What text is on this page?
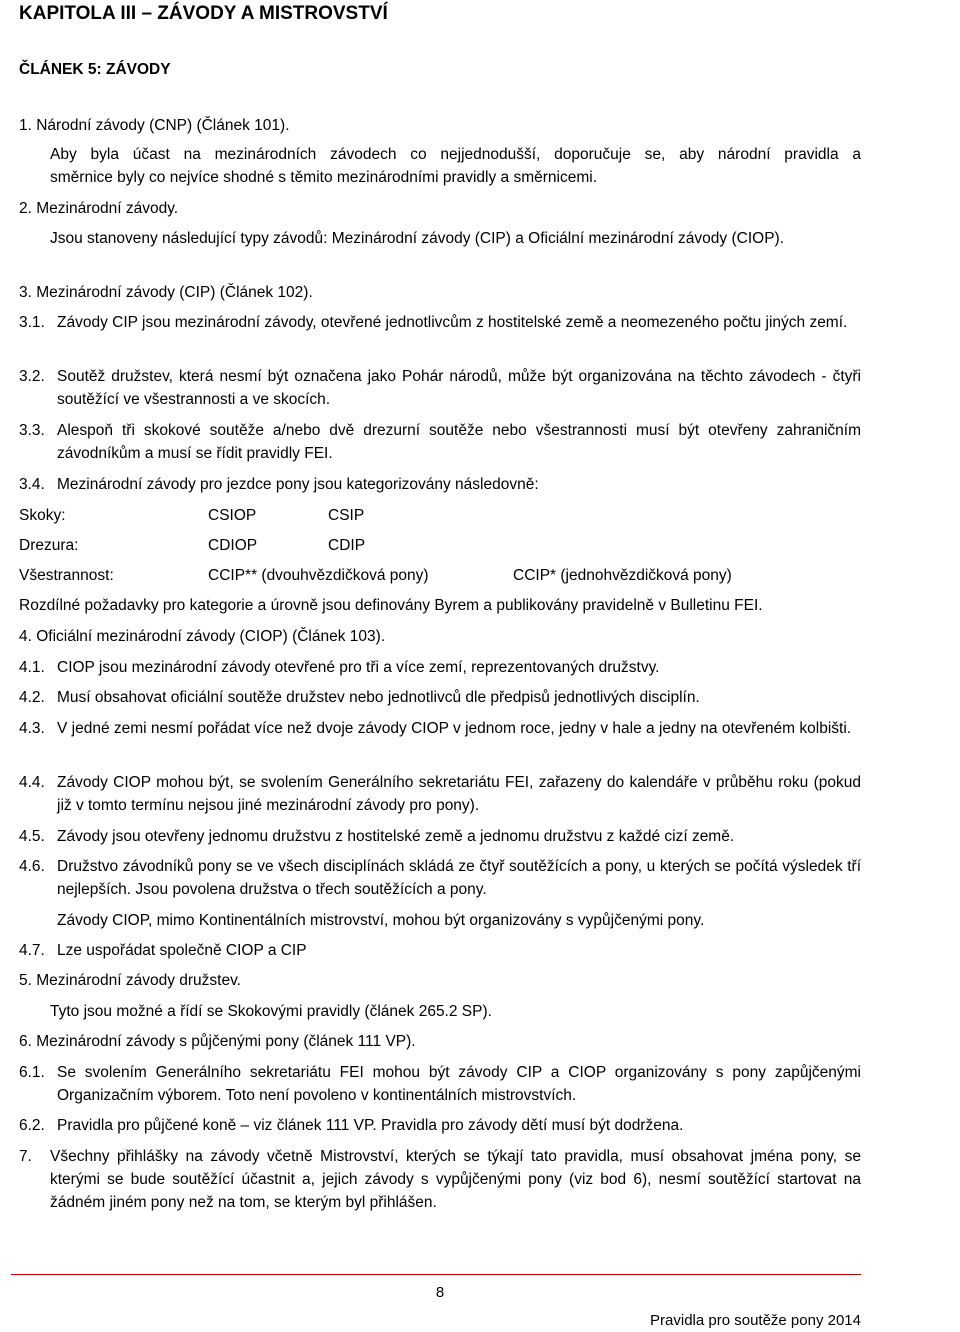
KAPITOLA III – ZÁVODY A MISTROVSTVÍ
ČLÁNEK 5: ZÁVODY
1. Národní závody (CNP) (Článek 101).
Aby byla účast na mezinárodních závodech co nejjednodušší, doporučuje se, aby národní pravidla a
směrnice byly co nejvíce shodné s těmito mezinárodními pravidly a směrnicemi.
2. Mezinárodní závody.
Jsou stanoveny následující typy závodů: Mezinárodní závody (CIP) a Oficiální mezinárodní závody (CIOP).
3. Mezinárodní závody (CIP) (Článek 102).
3.1. Závody CIP jsou mezinárodní závody, otevřené jednotlivcům z hostitelské země a neomezeného počtu jiných zemí.
3.2. Soutěž družstev, která nesmí být označena jako Pohár národů, může být organizována na těchto závodech - čtyři soutěžící ve všestrannosti a ve skocích.
3.3. Alespoň tři skokové soutěže a/nebo dvě drezurní soutěže nebo všestrannosti musí být otevřeny zahraničním závodníkům a musí se řídit pravidly FEI.
3.4. Mezinárodní závody pro jezdce pony jsou kategorizovány následovně:
Skoky:	CSIOP	CSIP
Drezura:	CDIOP	CDIP
Všestrannost:	CCIP** (dvouhvězdičková pony)	CCIP* (jednohvězdičková pony)
Rozdílné požadavky pro kategorie a úrovně jsou definovány Byrem a publikovány pravidelně v Bulletinu FEI.
4. Oficiální mezinárodní závody (CIOP) (Článek 103).
4.1. CIOP jsou mezinárodní závody otevřené pro tři a více zemí, reprezentovaných družstvy.
4.2. Musí obsahovat oficiální soutěže družstev nebo jednotlivců dle předpisů jednotlivých disciplín.
4.3. V jedné zemi nesmí pořádat více než dvoje závody CIOP v jednom roce, jedny v hale a jedny na otevřeném kolbišti.
4.4. Závody CIOP mohou být, se svolením Generálního sekretariátu FEI, zařazeny do kalendáře v průběhu roku (pokud již v tomto termínu nejsou jiné mezinárodní závody pro pony).
4.5. Závody jsou otevřeny jednomu družstvu z hostitelské země a jednomu družstvu z každé cizí země.
4.6. Družstvo závodníků pony se ve všech disciplínách skládá ze čtyř soutěžících a pony, u kterých se počítá výsledek tří nejlepších. Jsou povolena družstva o třech soutěžících a pony.
Závody CIOP, mimo Kontinentálních mistrovství, mohou být organizovány s vypůjčenými pony.
4.7. Lze uspořádat společně CIOP a CIP
5. Mezinárodní závody družstev.
Tyto jsou možné a řídí se Skokovými pravidly (článek 265.2 SP).
6. Mezinárodní závody s půjčenými pony (článek 111 VP).
6.1. Se svolením Generálního sekretariátu FEI mohou být závody CIP a CIOP organizovány s pony zapůjčenými Organizačním výborem. Toto není povoleno v kontinentálních mistrovstvích.
6.2. Pravidla pro půjčené koně – viz článek 111 VP. Pravidla pro závody dětí musí být dodržena.
7. Všechny přihlášky na závody včetně Mistrovství, kterých se týkají tato pravidla, musí obsahovat jména pony, se kterými se bude soutěžící účastnit a, jejich závody s vypůjčenými pony (viz bod 6), nesmí soutěžící startovat na žádném jiném pony než na tom, se kterým byl přihlášen.
8
Pravidla pro soutěže pony 2014
